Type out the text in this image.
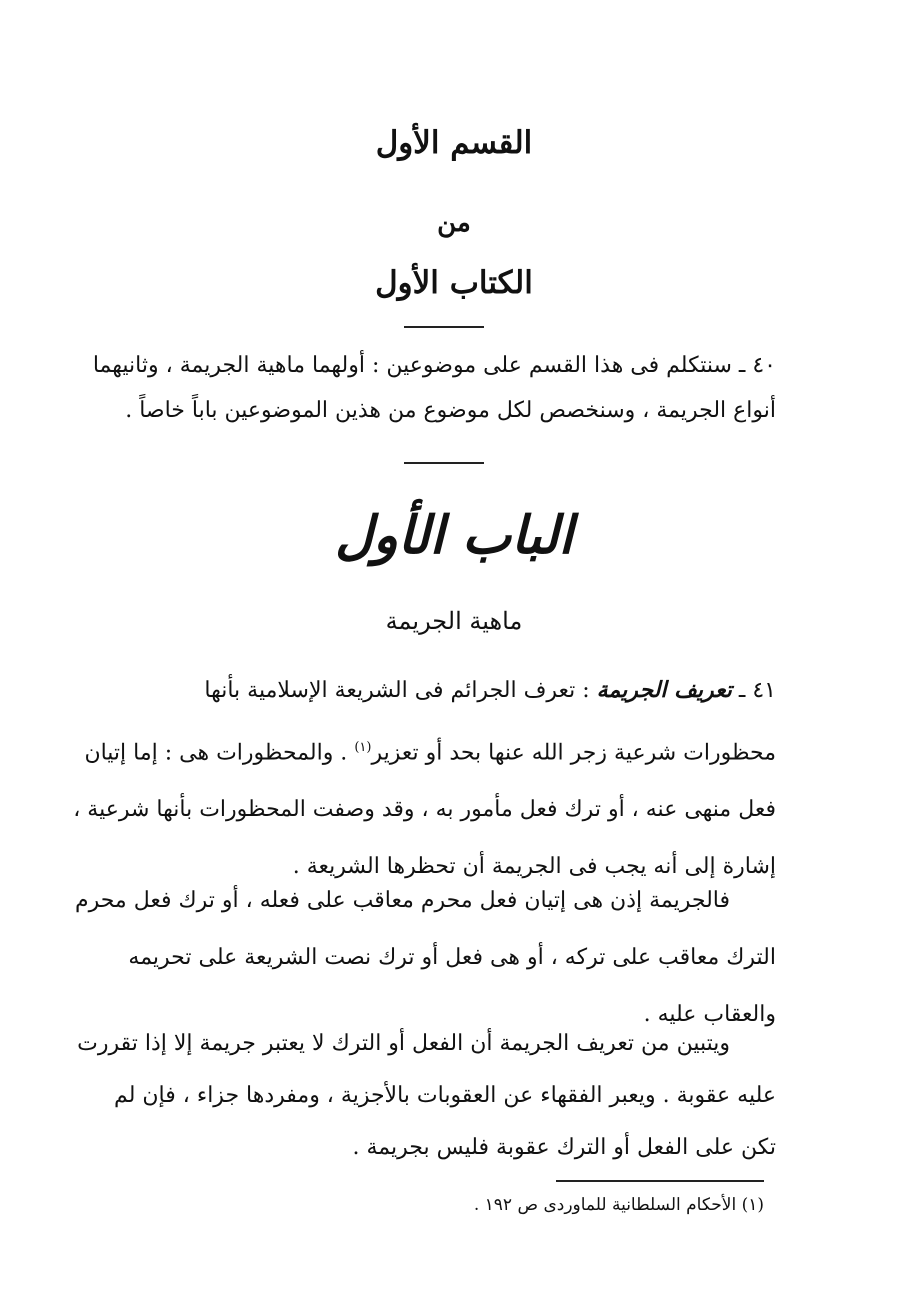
القسم الأول
من
الكتاب الأول
٤٠ ـ سنتكلم فى هذا القسم على موضوعين : أولهما ماهية الجريمة ، وثانيهما
أنواع الجريمة ، وسنخصص لكل موضوع من هذين الموضوعين باباً خاصاً .
الباب الأول
ماهية الجريمة
٤١ ـ تعريف الجريمة : تعرف الجرائم فى الشريعة الإسلامية بأنها
محظورات شرعية زجر الله عنها بحد أو تعزير$^{(١)}$ . والمحظورات هى : إما إتيان
فعل منهى عنه ، أو ترك فعل مأمور به ، وقد وصفت المحظورات بأنها شرعية ،
إشارة إلى أنه يجب فى الجريمة أن تحظرها الشريعة .
فالجريمة إذن هى إتيان فعل محرم معاقب على فعله ، أو ترك فعل محرم
الترك معاقب على تركه ، أو هى فعل أو ترك نصت الشريعة على تحريمه
والعقاب عليه .
ويتبين من تعريف الجريمة أن الفعل أو الترك لا يعتبر جريمة إلا إذا تقررت
عليه عقوبة . ويعبر الفقهاء عن العقوبات بالأجزية ، ومفردها جزاء ، فإن لم
تكن على الفعل أو الترك عقوبة فليس بجريمة .
(١) الأحكام السلطانية للماوردى ص ١٩٢ .
